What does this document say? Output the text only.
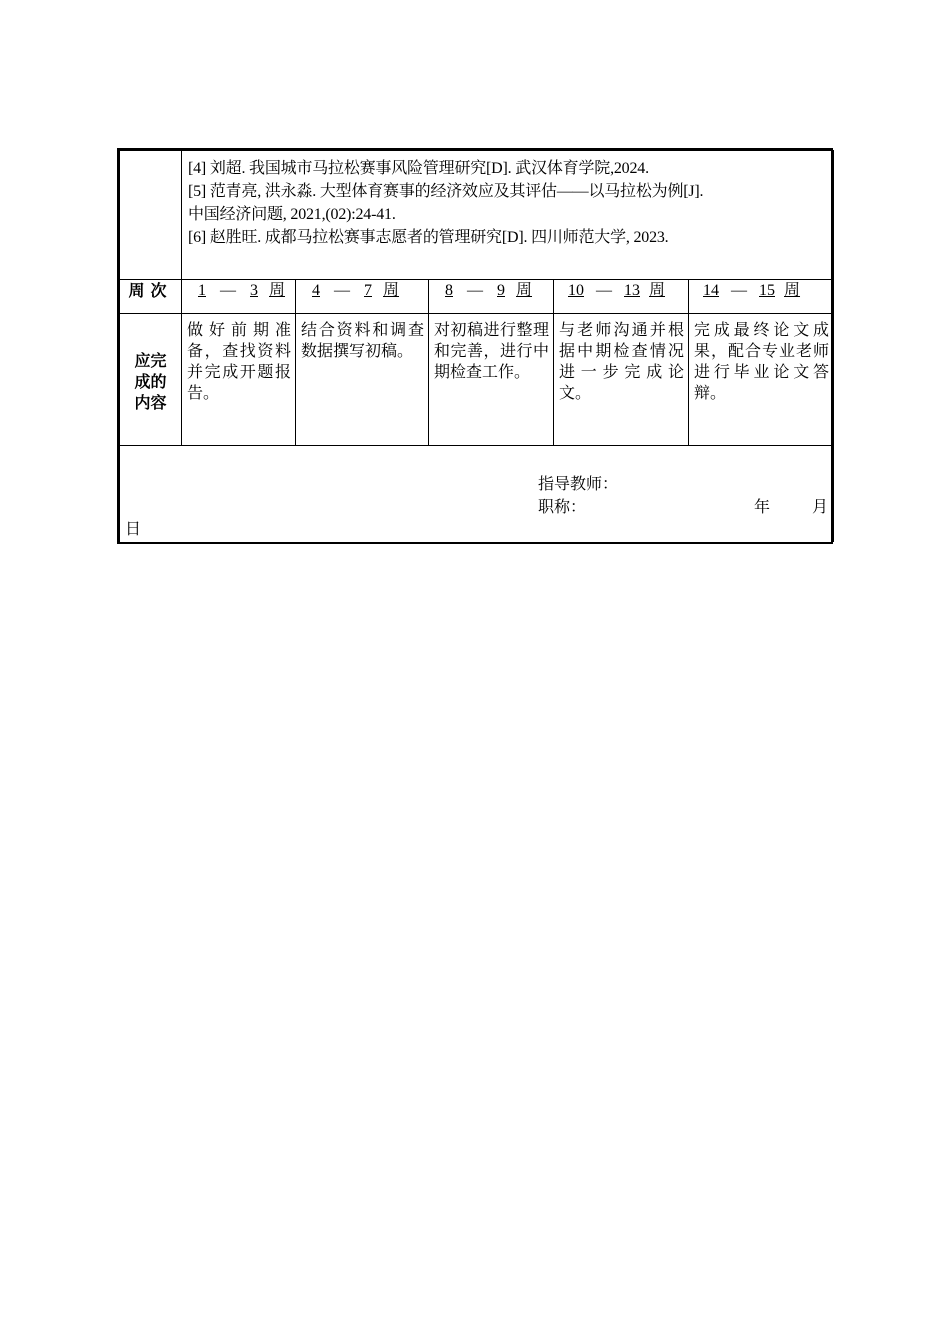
	[4] 刘超. 我国城市马拉松赛事风险管理研究[D]. 武汉体育学院,2024.
[5] 范青亮, 洪永淼. 大型体育赛事的经济效应及其评估——以马拉松为例[J].
中国经济问题, 2021,(02):24-41.
[6] 赵胜旺. 成都马拉松赛事志愿者的管理研究[D]. 四川师范大学, 2023.				

周次	1 — 3 周	4 — 7 周	8 — 9 周	10 — 13 周	14 — 15 周

应完
成的
内容	做好前期准备，查找资料并完成开题报告。	结合资料和调查数据撰写初稿。	对初稿进行整理和完善，进行中期检查工作。	与老师沟通并根据中期检查情况进一步完成论文。	完成最终论文成果，配合专业老师进行毕业论文答辩。

指导教师：
职称： 年 月
日					
